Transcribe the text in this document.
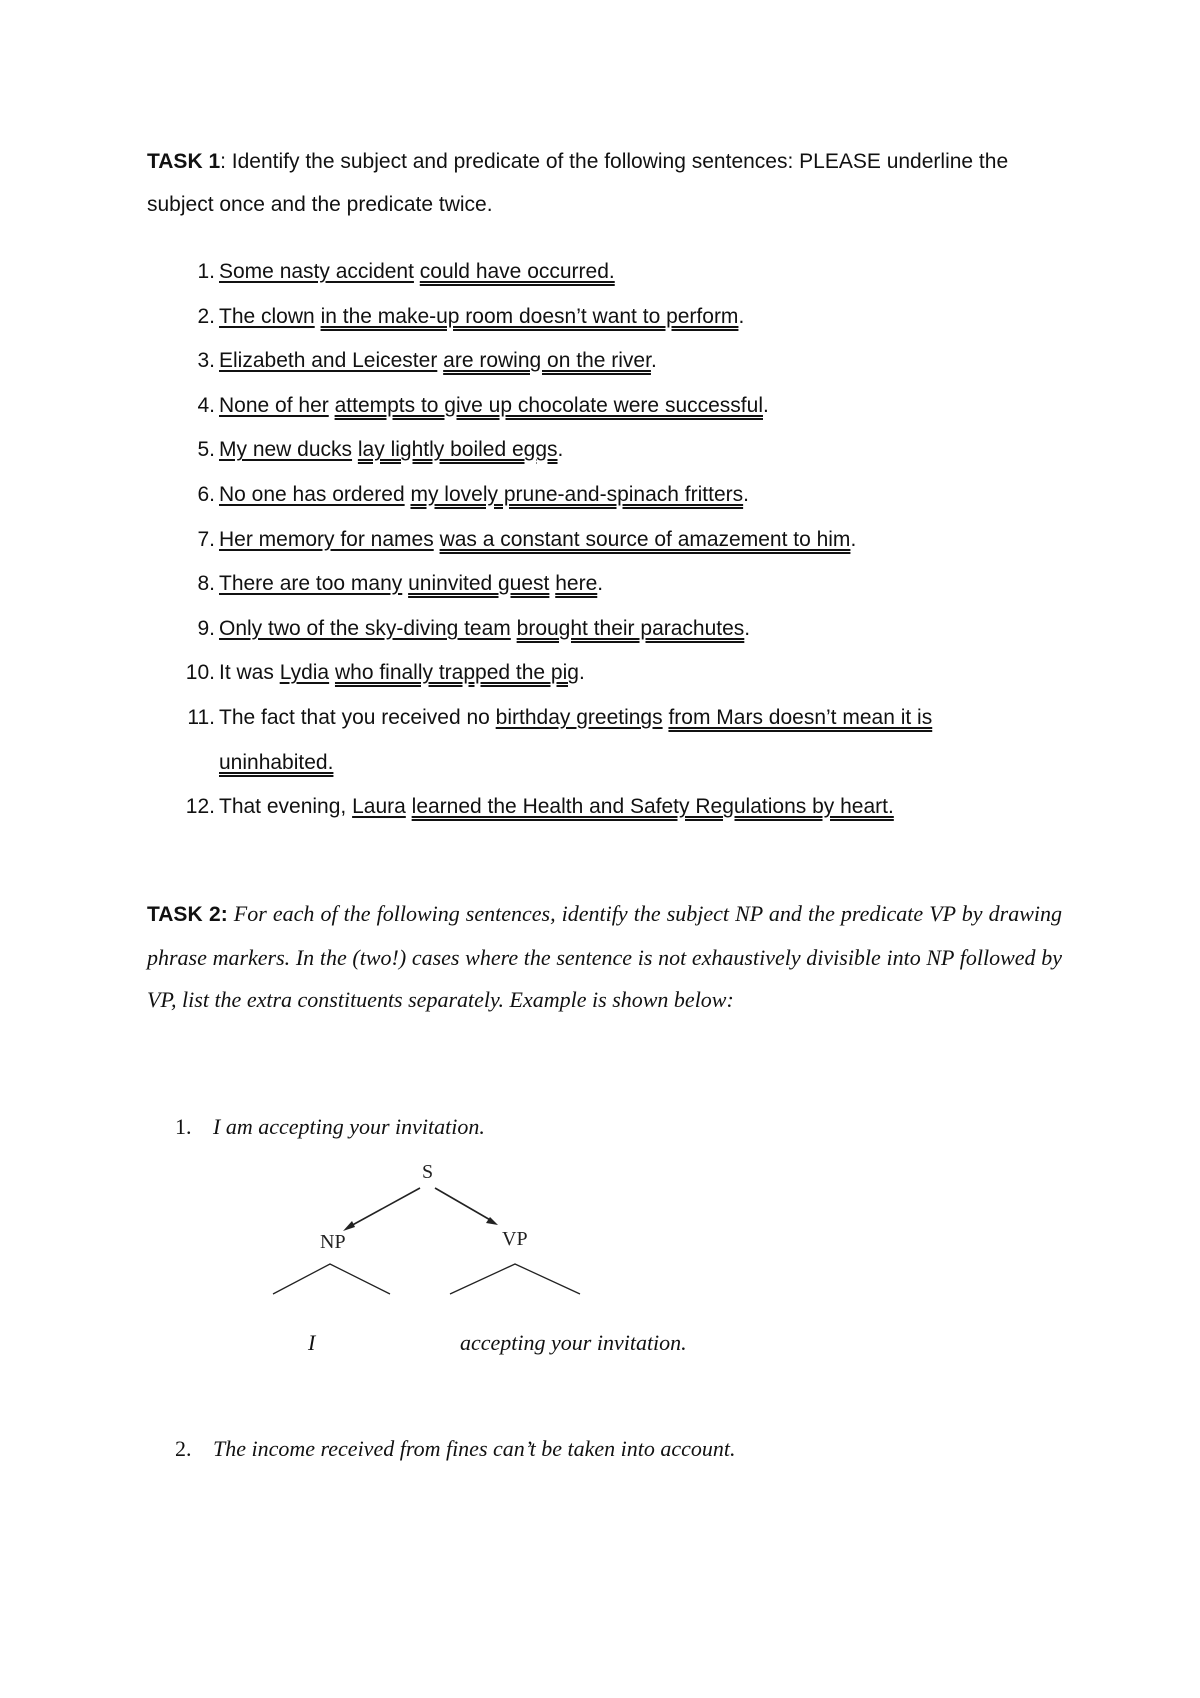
TASK 1: Identify the subject and predicate of the following sentences: PLEASE underline the subject once and the predicate twice.
1. Some nasty accident could have occurred.
2. The clown in the make-up room doesn’t want to perform.
3. Elizabeth and Leicester are rowing on the river.
4. None of her attempts to give up chocolate were successful.
5. My new ducks lay lightly boiled eggs.
6. No one has ordered my lovely prune-and-spinach fritters.
7. Her memory for names was a constant source of amazement to him.
8. There are too many uninvited guest here.
9. Only two of the sky-diving team brought their parachutes.
10. It was Lydia who finally trapped the pig.
11. The fact that you received no birthday greetings from Mars doesn’t mean it is uninhabited.
12. That evening, Laura learned the Health and Safety Regulations by heart.
TASK 2: For each of the following sentences, identify the subject NP and the predicate VP by drawing phrase markers. In the (two!) cases where the sentence is not exhaustively divisible into NP followed by VP, list the extra constituents separately. Example is shown below:
1. I am accepting your invitation.
S
NP	VP
I	accepting your invitation.
2. The income received from fines can’t be taken into account.
